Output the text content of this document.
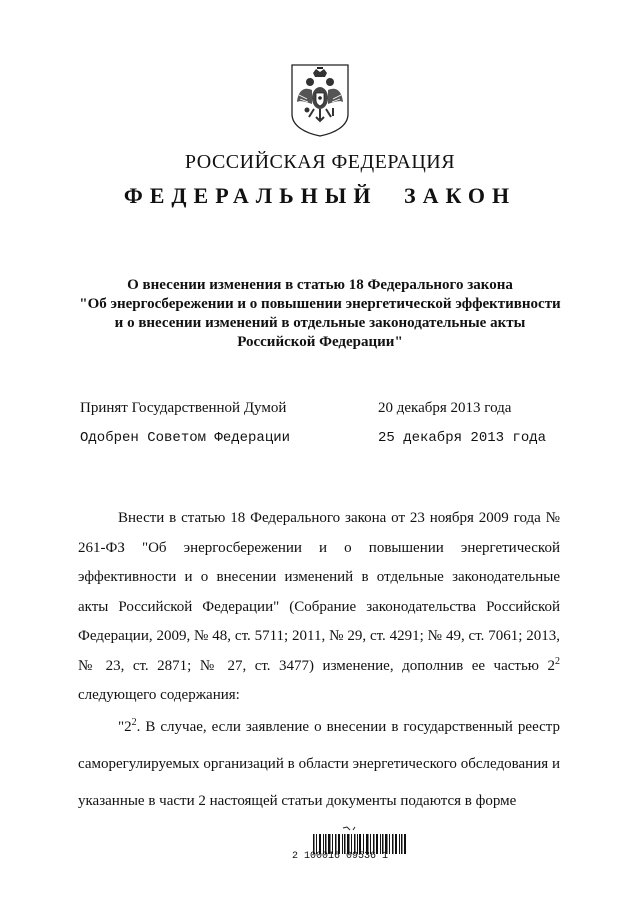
РОССИЙСКАЯ ФЕДЕРАЦИЯ
ФЕДЕРАЛЬНЫЙ ЗАКОН
О внесении изменения в статью 18 Федерального закона
"Об энергосбережении и о повышении энергетической эффективности
и о внесении изменений в отдельные законодательные акты
Российской Федерации"
Принят Государственной Думой	20 декабря 2013 года
Одобрен Советом Федерации	25 декабря 2013 года
Внести в статью 18 Федерального закона от 23 ноября 2009 года № 261-ФЗ "Об энергосбережении и о повышении энергетической эффективности и о внесении изменений в отдельные законодательные акты Российской Федерации" (Собрание законодательства Российской Федерации, 2009, № 48, ст. 5711; 2011, № 29, ст. 4291; № 49, ст. 7061; 2013, № 23, ст. 2871; № 27, ст. 3477) изменение, дополнив ее частью $2^2$ следующего содержания:
"$2^2$. В случае, если заявление о внесении в государственный реестр саморегулируемых организаций в области энергетического обследования и указанные в части 2 настоящей статьи документы подаются в форме
2 100016 09536 1
